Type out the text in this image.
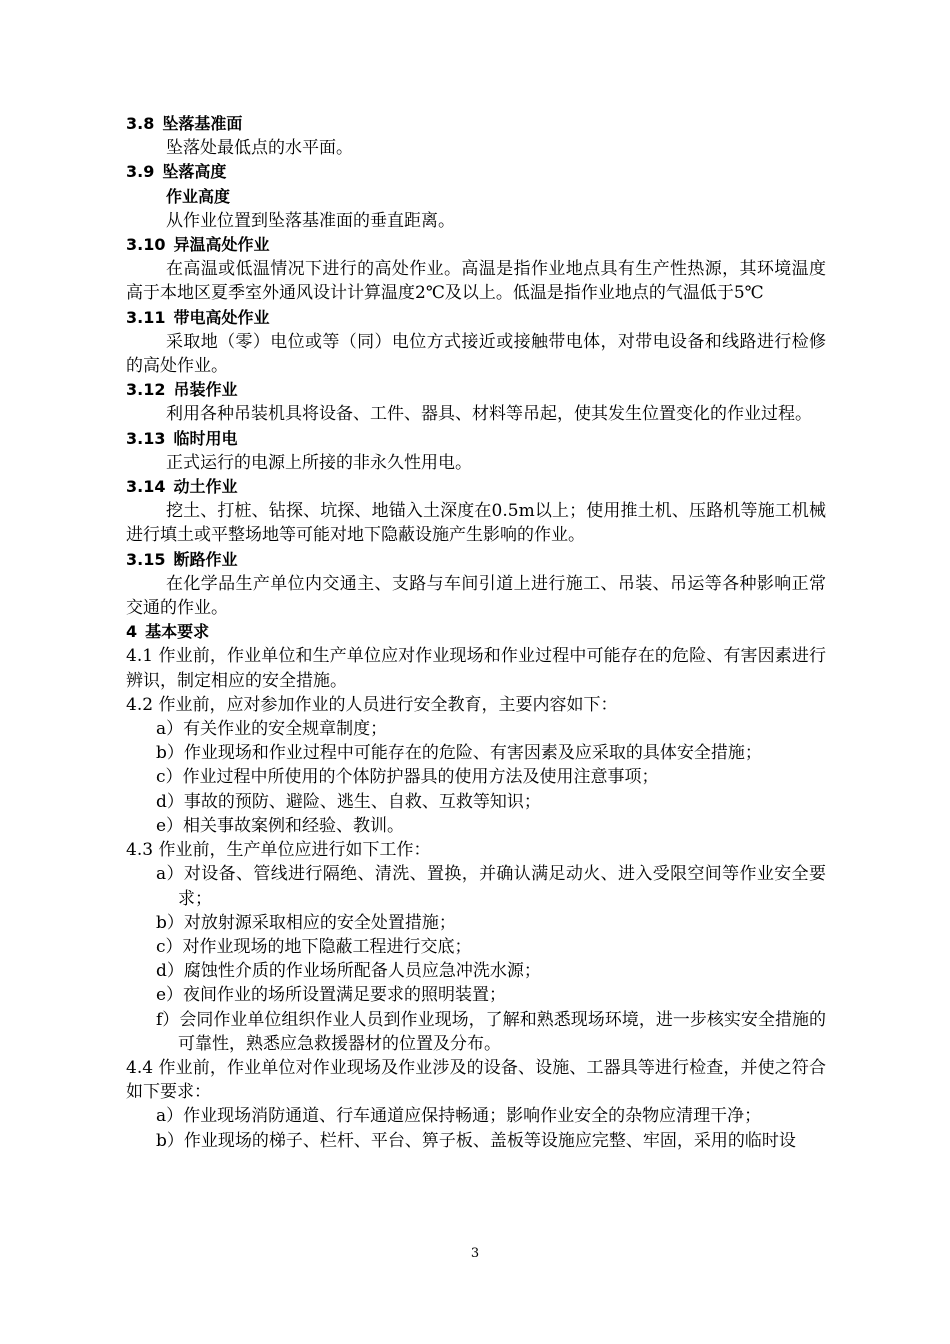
3.8 坠落基准面
坠落处最低点的水平面。
3.9 坠落高度
作业高度
从作业位置到坠落基准面的垂直距离。
3.10 异温高处作业
在高温或低温情况下进行的高处作业。高温是指作业地点具有生产性热源，其环境温度高于本地区夏季室外通风设计计算温度2℃及以上。低温是指作业地点的气温低于5℃
3.11 带电高处作业
采取地（零）电位或等（同）电位方式接近或接触带电体，对带电设备和线路进行检修的高处作业。
3.12 吊装作业
利用各种吊装机具将设备、工件、器具、材料等吊起，使其发生位置变化的作业过程。
3.13 临时用电
正式运行的电源上所接的非永久性用电。
3.14 动土作业
挖土、打桩、钻探、坑探、地锚入土深度在0.5m以上；使用推土机、压路机等施工机械进行填土或平整场地等可能对地下隐蔽设施产生影响的作业。
3.15 断路作业
在化学品生产单位内交通主、支路与车间引道上进行施工、吊装、吊运等各种影响正常交通的作业。
4 基本要求
4.1 作业前，作业单位和生产单位应对作业现场和作业过程中可能存在的危险、有害因素进行辨识，制定相应的安全措施。
4.2 作业前，应对参加作业的人员进行安全教育，主要内容如下：
a）有关作业的安全规章制度；
b）作业现场和作业过程中可能存在的危险、有害因素及应采取的具体安全措施；
c）作业过程中所使用的个体防护器具的使用方法及使用注意事项；
d）事故的预防、避险、逃生、自救、互救等知识；
e）相关事故案例和经验、教训。
4.3 作业前，生产单位应进行如下工作：
a）对设备、管线进行隔绝、清洗、置换，并确认满足动火、进入受限空间等作业安全要求；
b）对放射源采取相应的安全处置措施；
c）对作业现场的地下隐蔽工程进行交底；
d）腐蚀性介质的作业场所配备人员应急冲洗水源；
e）夜间作业的场所设置满足要求的照明装置；
f）会同作业单位组织作业人员到作业现场，了解和熟悉现场环境，进一步核实安全措施的可靠性，熟悉应急救援器材的位置及分布。
4.4 作业前，作业单位对作业现场及作业涉及的设备、设施、工器具等进行检查，并使之符合如下要求：
a）作业现场消防通道、行车通道应保持畅通；影响作业安全的杂物应清理干净；
b）作业现场的梯子、栏杆、平台、箅子板、盖板等设施应完整、牢固，采用的临时设
3
